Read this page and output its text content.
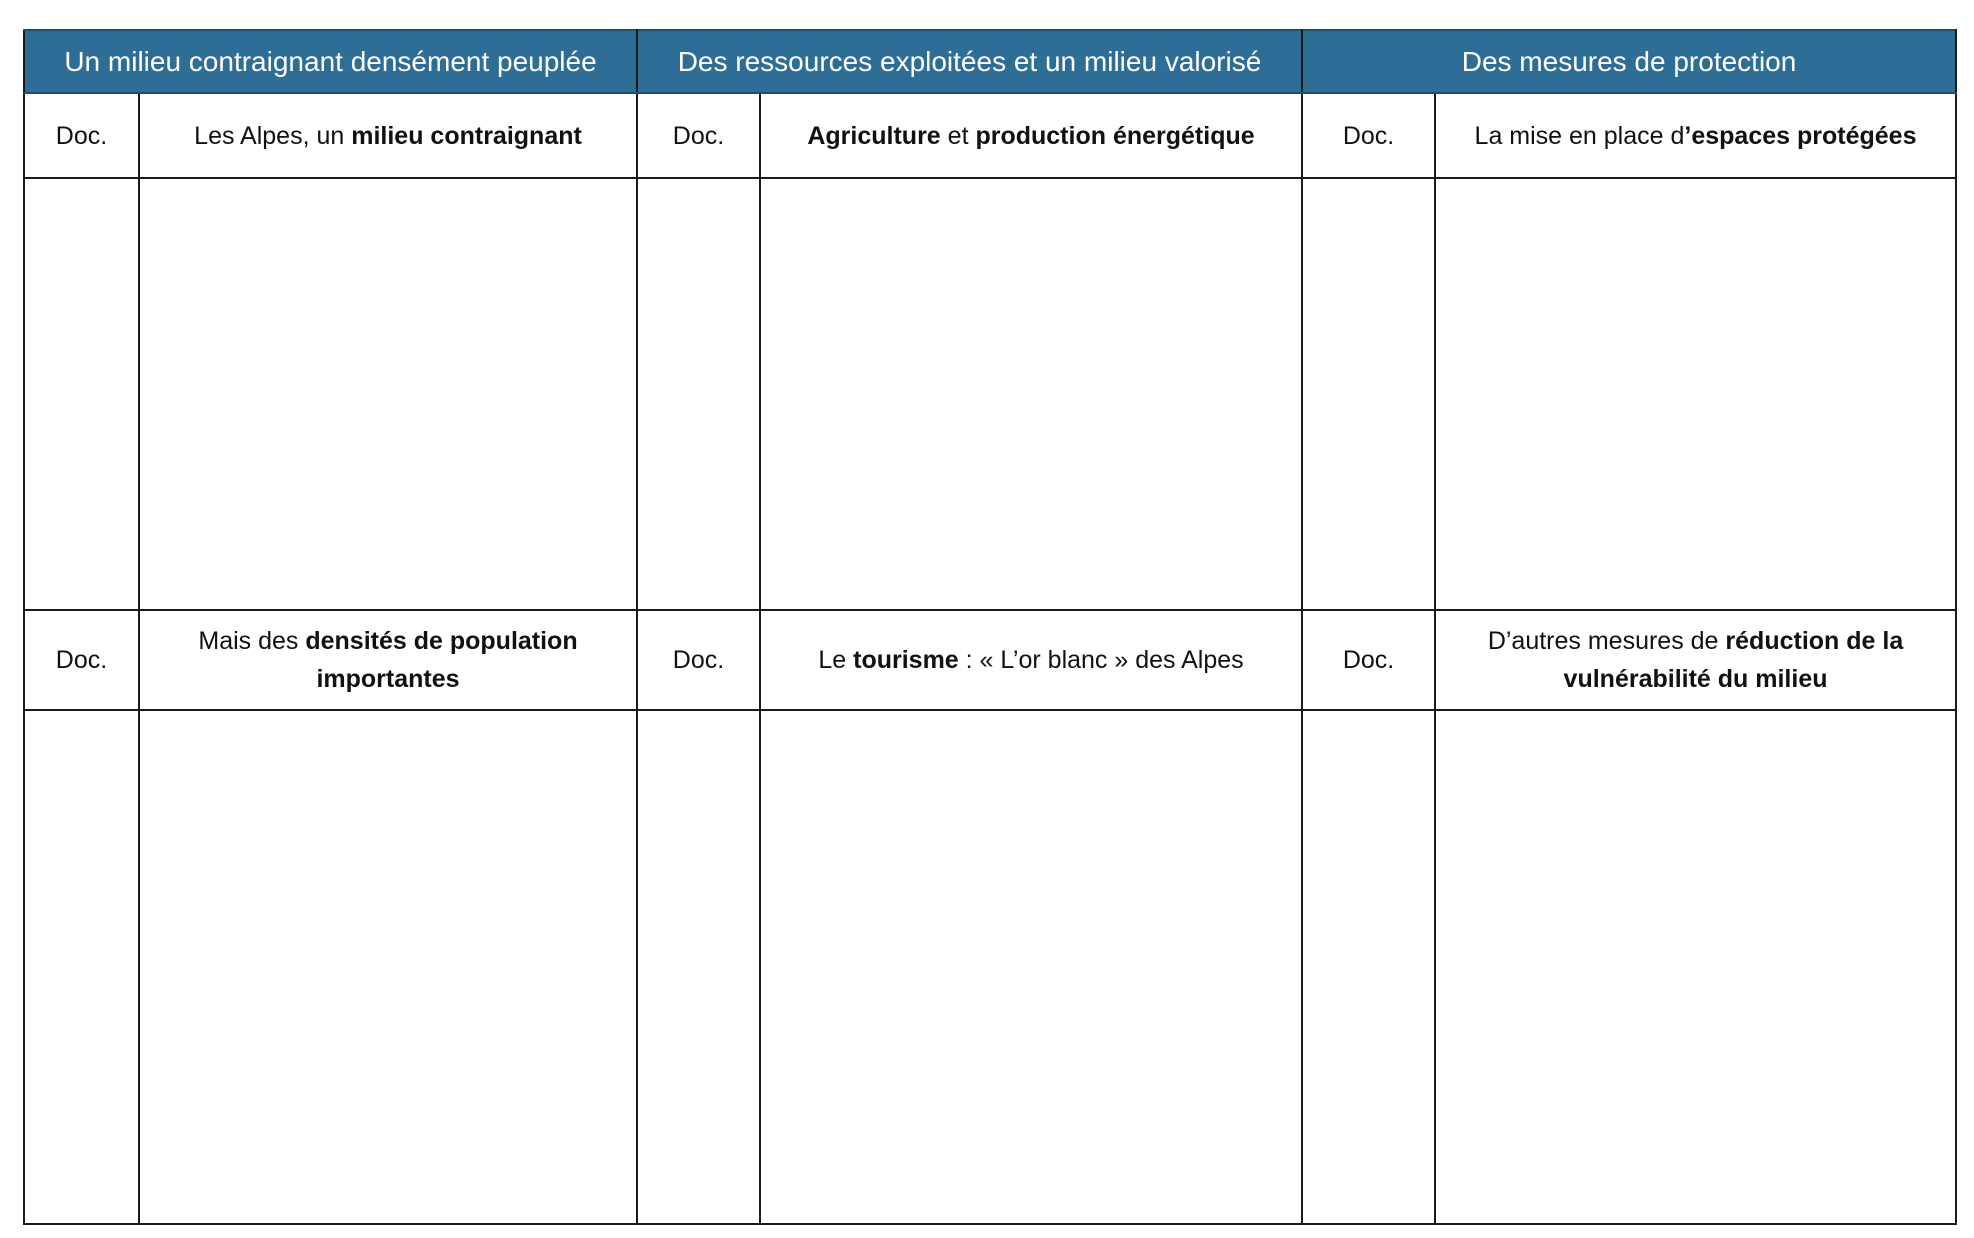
Un milieu contraignant densément peuplée		Des ressources exploitées et un milieu valorisé		Des mesures de protection	
Doc.	Les Alpes, un milieu contraignant	Doc.	Agriculture et production énergétique	Doc.	La mise en place d’espaces protégées

Doc.	Mais des densités de population importantes	Doc.	Le tourisme : « L’or blanc » des Alpes	Doc.	D’autres mesures de réduction de la vulnérabilité du milieu
